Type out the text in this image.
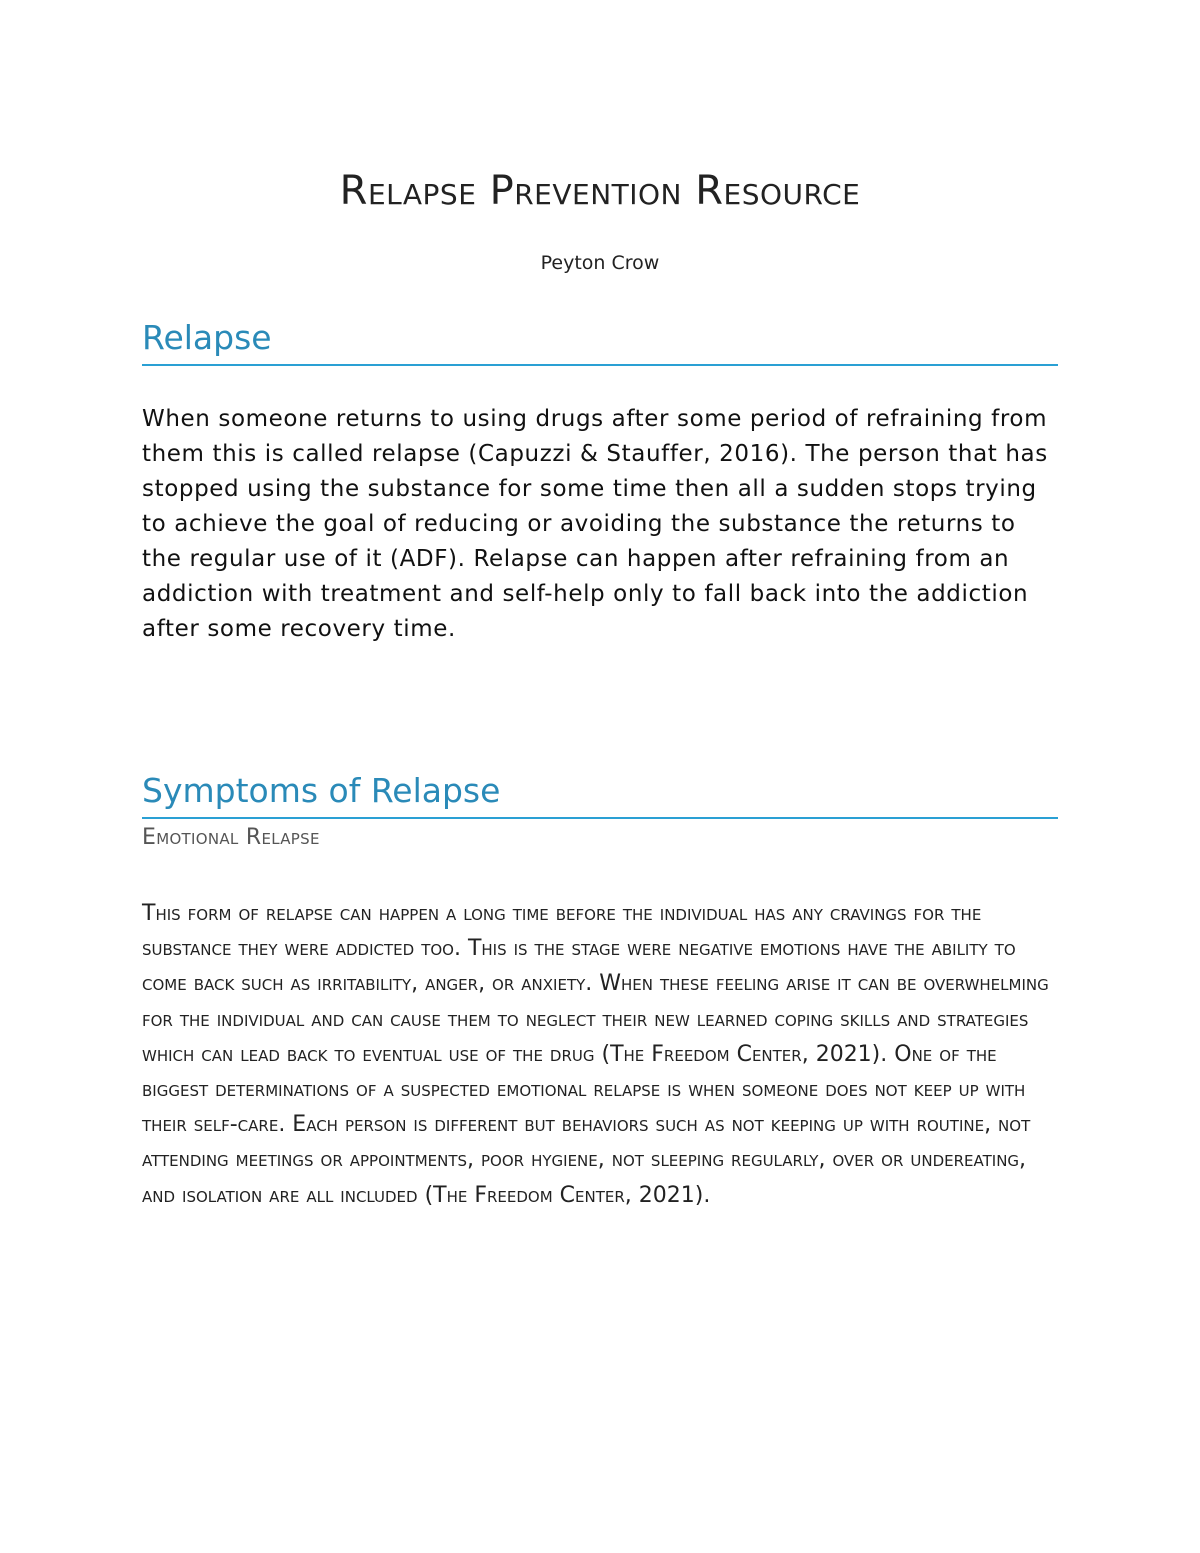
Relapse Prevention Resource

Peyton Crow

Relapse

When someone returns to using drugs after some period of refraining from them this is called relapse (Capuzzi & Stauffer, 2016). The person that has stopped using the substance for some time then all a sudden stops trying to achieve the goal of reducing or avoiding the substance the returns to the regular use of it (ADF). Relapse can happen after refraining from an addiction with treatment and self-help only to fall back into the addiction after some recovery time.

Symptoms of Relapse
Emotional Relapse

This form of relapse can happen a long time before the individual has any cravings for the substance they were addicted too. This is the stage were negative emotions have the ability to come back such as irritability, anger, or anxiety. When these feeling arise it can be overwhelming for the individual and can cause them to neglect their new learned coping skills and strategies which can lead back to eventual use of the drug (The Freedom Center, 2021). One of the biggest determinations of a suspected emotional relapse is when someone does not keep up with their self-care. Each person is different but behaviors such as not keeping up with routine, not attending meetings or appointments, poor hygiene, not sleeping regularly, over or undereating, and isolation are all included (The Freedom Center, 2021).
